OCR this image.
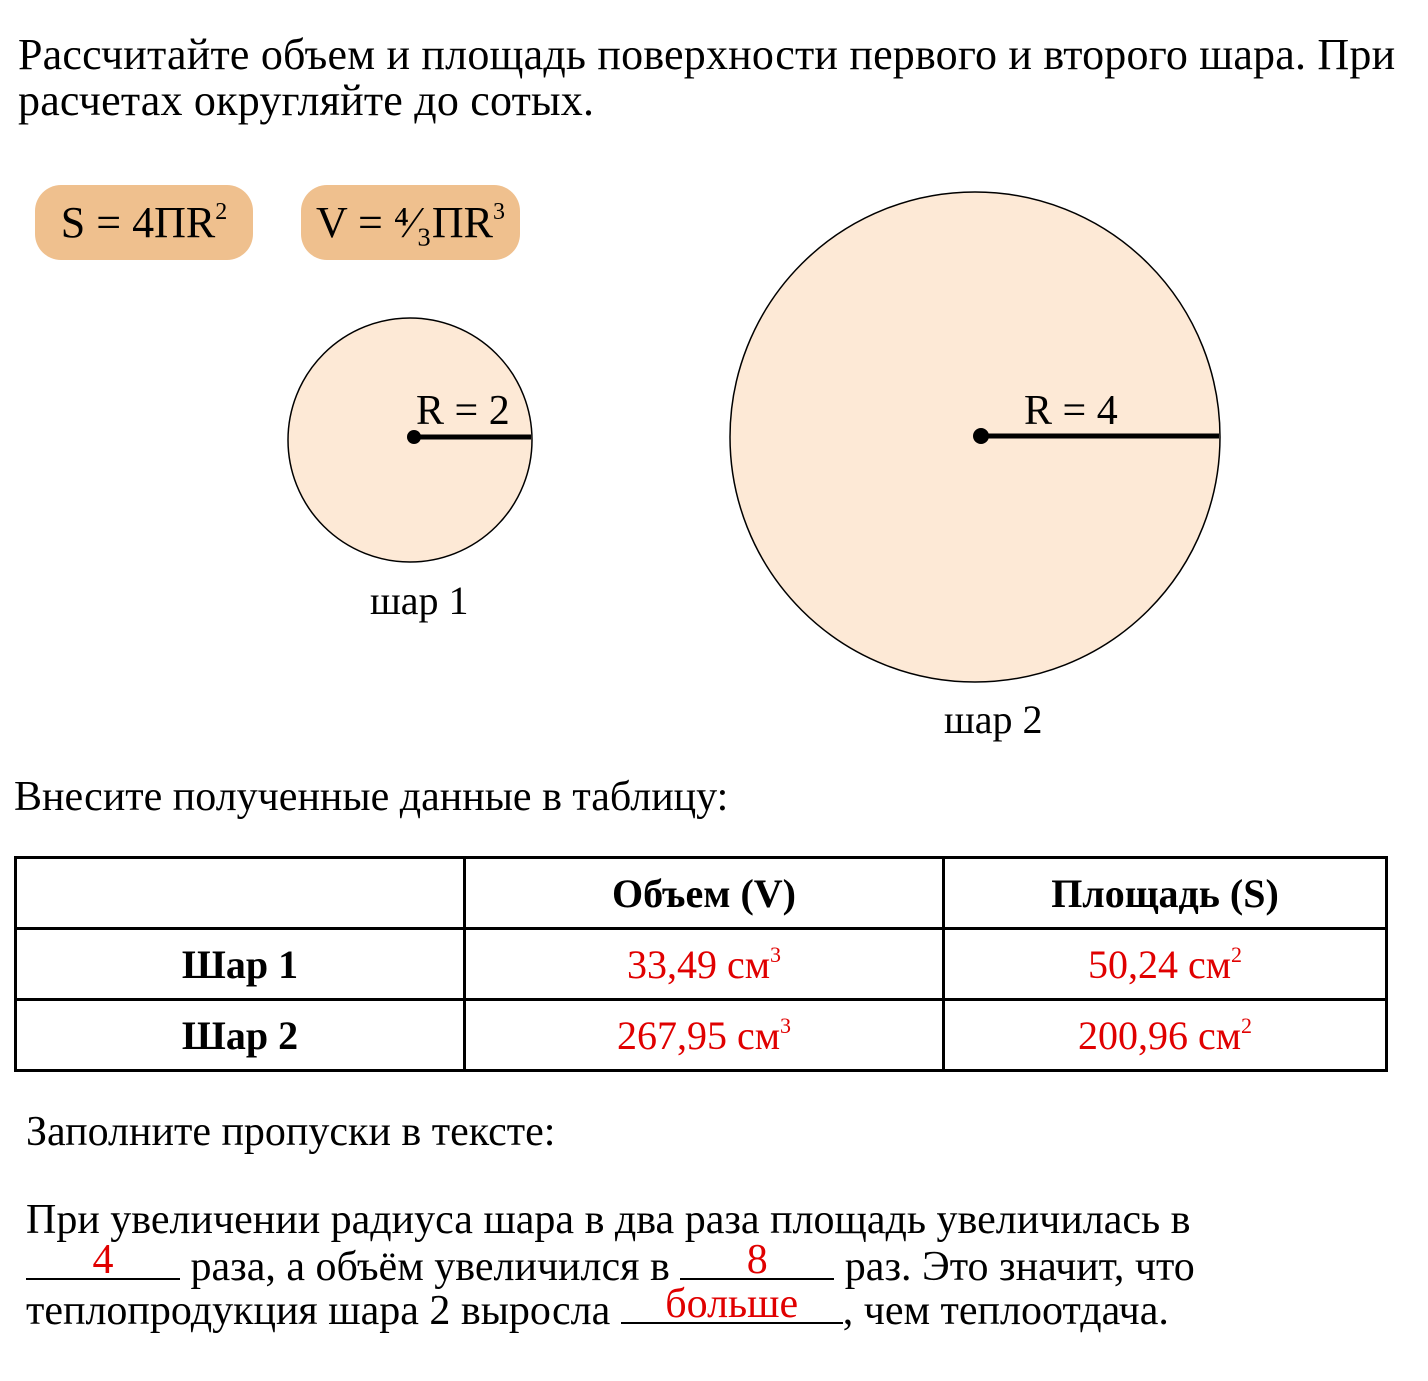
Рассчитайте объем и площадь поверхности первого и второго шара. При
расчетах округляйте до сотых.
$S = 4ПR^2$	$V = ^4⁄_3ПR^3$
R = 2	R = 4
шар 1
шар 2
Внесите полученные данные в таблицу:
	Объем (V)	Площадь (S)
Шар 1	33,49 $см^3$	50,24 $см^2$
Шар 2	267,95 $см^3$	200,96 $см^2$
Заполните пропуски в тексте:
При увеличении радиуса шара в два раза площадь увеличилась в
4	раза, а объём увеличился в	8	раз. Это значит, что
теплопродукция шара 2 выросла	больше	, чем теплоотдача.
